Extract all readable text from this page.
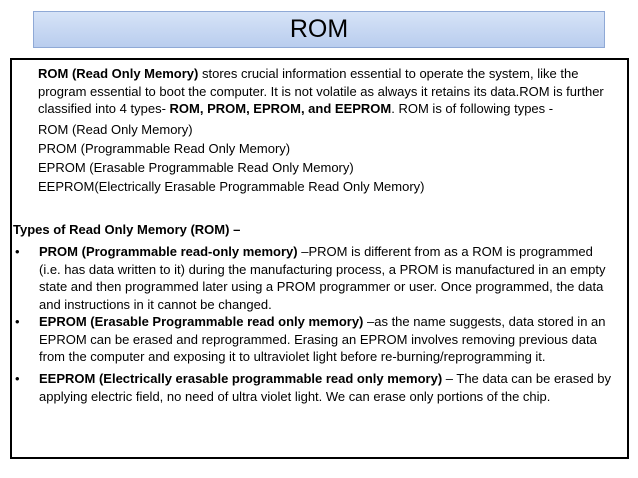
ROM
ROM (Read Only Memory) stores crucial information essential to operate the system, like the program essential to boot the computer. It is not volatile as always it retains its data.ROM is further classified into 4 types- ROM, PROM, EPROM, and EEPROM. ROM is of following types -
ROM (Read Only Memory)
PROM (Programmable Read Only Memory)
EPROM (Erasable Programmable Read Only Memory)
EEPROM(Electrically Erasable Programmable Read Only Memory)
Types of Read Only Memory (ROM) –
• PROM (Programmable read-only memory) –PROM is different from as a ROM is programmed (i.e. has data written to it) during the manufacturing process, a PROM is manufactured in an empty state and then programmed later using a PROM programmer or user. Once programmed, the data and instructions in it cannot be changed.
• EPROM (Erasable Programmable read only memory) –as the name suggests, data stored in an EPROM can be erased and reprogrammed. Erasing an EPROM involves removing previous data from the computer and exposing it to ultraviolet light before re-burning/reprogramming it.
• EEPROM (Electrically erasable programmable read only memory) – The data can be erased by applying electric field, no need of ultra violet light. We can erase only portions of the chip.
